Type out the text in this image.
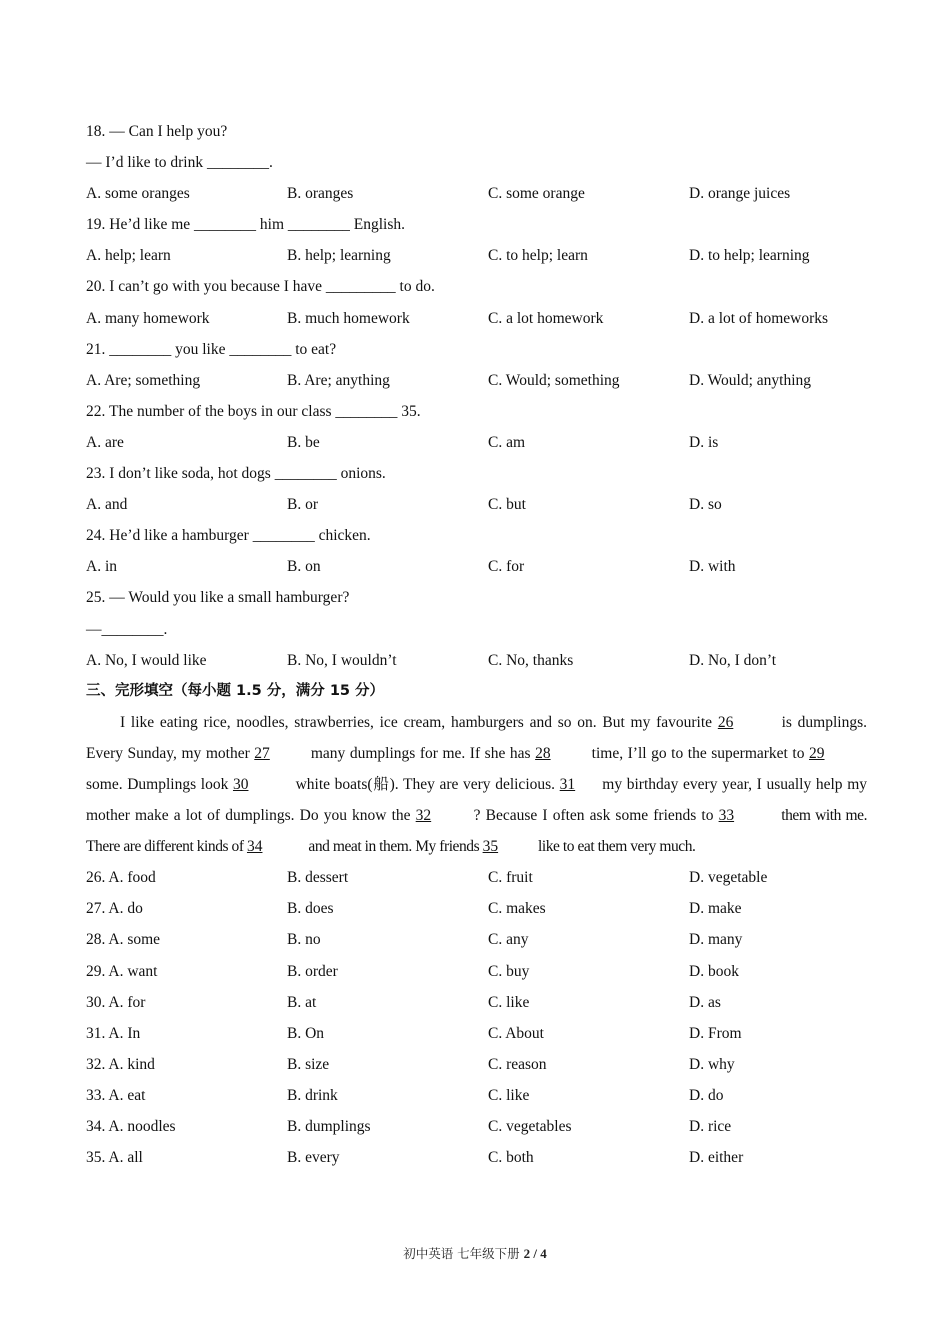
18. — Can I help you?
— I’d like to drink ________.
A. some oranges	B. oranges	C. some orange	D. orange juices
19. He’d like me ________ him ________ English.
A. help; learn	B. help; learning	C. to help; learn	D. to help; learning
20. I can’t go with you because I have _________ to do.
A. many homework	B. much homework	C. a lot homework	D. a lot of homeworks
21. ________ you like ________ to eat?
A. Are; something	B. Are; anything	C. Would; something	D. Would; anything
22. The number of the boys in our class ________ 35.
A. are	B. be	C. am	D. is
23. I don’t like soda, hot dogs ________ onions.
A. and	B. or	C. but	D. so
24. He’d like a hamburger ________ chicken.
A. in	B. on	C. for	D. with
25. — Would you like a small hamburger?
—________.
A. No, I would like	B. No, I wouldn’t	C. No, thanks	D. No, I don’t
三、完形填空（每小题 1.5 分，满分 15 分）
I like eating rice, noodles, strawberries, ice cream, hamburgers and so on. But my favourite 26	is dumplings. Every Sunday, my mother 27 many dumplings for me. If she has 28 time, I’ll go to the supermarket to 29 some. Dumplings look 30	white boats(船). They are very delicious. 31 my birthday every year, I usually help my mother make a lot of dumplings. Do you know the 32	? Because I often ask some friends to 33	them with me. There are different kinds of 34	and meat in them. My friends 35 like to eat them very much.
26. A. food	B. dessert	C. fruit	D. vegetable
27. A. do	B. does	C. makes	D. make
28. A. some	B. no	C. any	D. many
29. A. want	B. order	C. buy	D. book
30. A. for	B. at	C. like	D. as
31. A. In	B. On	C. About	D. From
32. A. kind	B. size	C. reason	D. why
33. A. eat	B. drink	C. like	D. do
34. A. noodles	B. dumplings	C. vegetables	D. rice
35. A. all	B. every	C. both	D. either
初中英语 七年级下册 2 / 4
